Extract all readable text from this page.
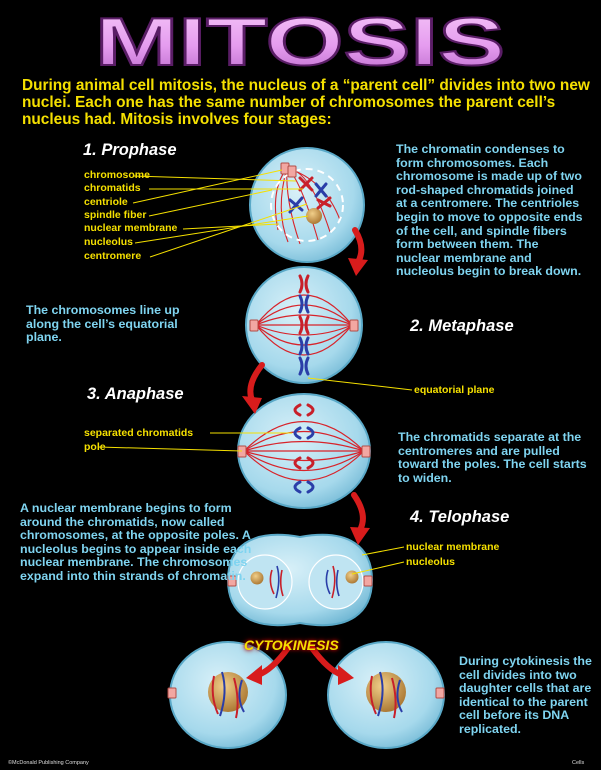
MITOSIS

During animal cell mitosis, the nucleus of a “parent cell” divides into two new nuclei. Each one has the same number of chromosomes the parent cell’s nucleus had. Mitosis involves four stages:

1. Prophase

2. Metaphase

3. Anaphase

4. Telophase

CYTOKINESIS

chromosome

chromatids

centriole

spindle fiber

nuclear membrane

nucleolus

centromere

The chromatin condenses to form chromosomes. Each chromosome is made up of two rod-shaped chromatids joined at a centromere. The centrioles begin to move to opposite ends of the cell, and spindle fibers form between them. The nuclear membrane and nucleolus begin to break down.

The chromosomes line up along the cell’s equatorial plane.

The chromatids separate at the centromeres and are pulled toward the poles. The cell starts to widen.

A nuclear membrane begins to form around the chromatids, now called chromosomes, at the opposite poles. A nucleolus begins to appear inside each nuclear membrane. The chromosomes expand into thin strands of chromatin.

During cytokinesis the cell divides into two daughter cells that are identical to the parent cell before its DNA replicated.

equatorial plane

separated chromatids

pole

nuclear membrane

nucleolus

©McDonald Publishing Company	Cells
